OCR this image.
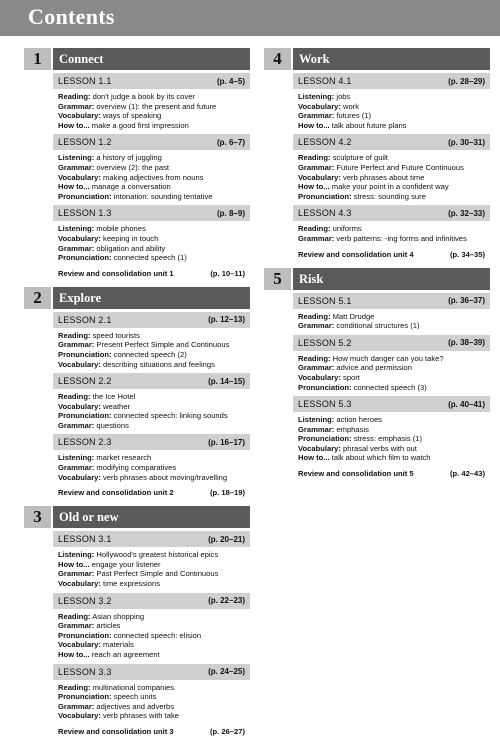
Contents
1	Connect
LESSON 1.1	(p. 4–5)
Reading: don't judge a book by its cover
Grammar: overview (1): the present and future
Vocabulary: ways of speaking
How to... make a good first impression
LESSON 1.2	(p. 6–7)
Listening: a history of juggling
Grammar: overview (2): the past
Vocabulary: making adjectives from nouns
How to... manage a conversation
Pronunciation: intonation: sounding tentative
LESSON 1.3	(p. 8–9)
Listening: mobile phones
Vocabulary: keeping in touch
Grammar: obligation and ability
Pronunciation: connected speech (1)
Review and consolidation unit 1	(p. 10–11)
2	Explore
LESSON 2.1	(p. 12–13)
Reading: speed tourists
Grammar: Present Perfect Simple and Continuous
Pronunciation: connected speech (2)
Vocabulary: describing situations and feelings
LESSON 2.2	(p. 14–15)
Reading: the Ice Hotel
Vocabulary: weather
Pronunciation: connected speech: linking sounds
Grammar: questions
LESSON 2.3	(p. 16–17)
Listening: market research
Grammar: modifying comparatives
Vocabulary: verb phrases about moving/travelling
Review and consolidation unit 2	(p. 18–19)
3	Old or new
LESSON 3.1	(p. 20–21)
Listening: Hollywood's greatest historical epics
How to... engage your listener
Grammar: Past Perfect Simple and Continuous
Vocabulary: time expressions
LESSON 3.2	(p. 22–23)
Reading: Asian shopping
Grammar: articles
Pronunciation: connected speech: elision
Vocabulary: materials
How to... reach an agreement
LESSON 3.3	(p. 24–25)
Reading: multinational companies
Pronunciation: speech units
Grammar: adjectives and adverbs
Vocabulary: verb phrases with take
Review and consolidation unit 3	(p. 26–27)
4	Work
LESSON 4.1	(p. 28–29)
Listening: jobs
Vocabulary: work
Grammar: futures (1)
How to... talk about future plans
LESSON 4.2	(p. 30–31)
Reading: sculpture of guilt
Grammar: Future Perfect and Future Continuous
Vocabulary: verb phrases about time
How to... make your point in a confident way
Pronunciation: stress: sounding sure
LESSON 4.3	(p. 32–33)
Reading: uniforms
Grammar: verb patterns: -ing forms and infinitives
Review and consolidation unit 4	(p. 34–35)
5	Risk
LESSON 5.1	(p. 36–37)
Reading: Matt Drudge
Grammar: conditional structures (1)
LESSON 5.2	(p. 38–39)
Reading: How much danger can you take?
Grammar: advice and permission
Vocabulary: sport
Pronunciation: connected speech (3)
LESSON 5.3	(p. 40–41)
Listening: action heroes
Grammar: emphasis
Pronunciation: stress: emphasis (1)
Vocabulary: phrasal verbs with out
How to... talk about which film to watch
Review and consolidation unit 5	(p. 42–43)
